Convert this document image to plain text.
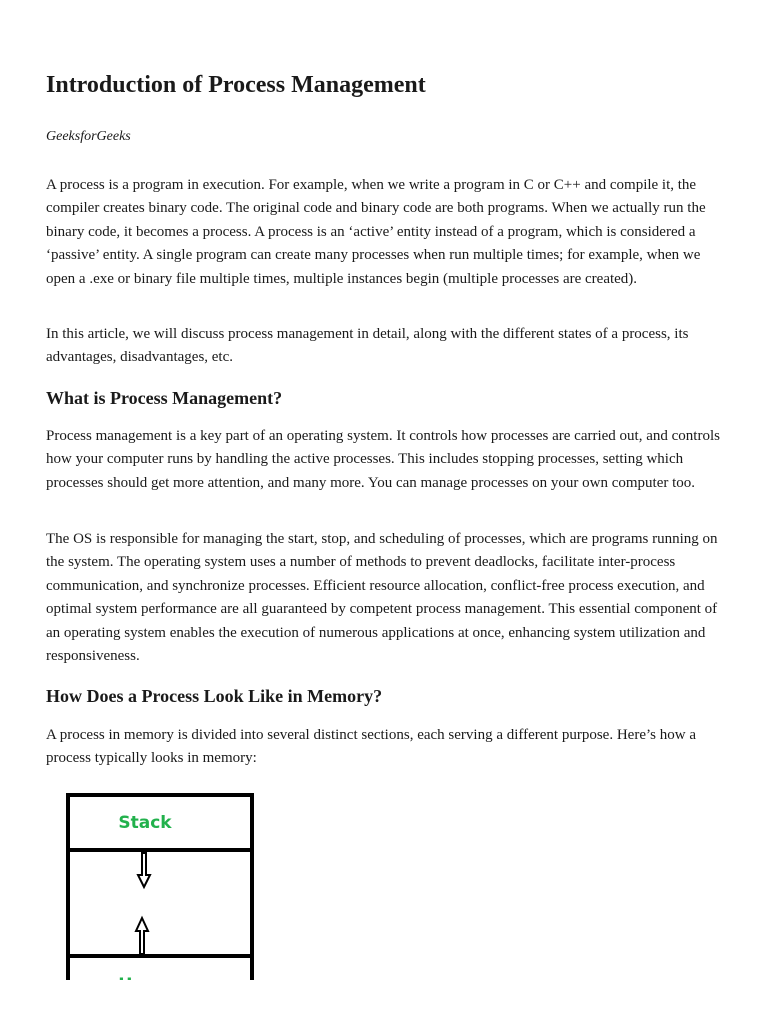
Introduction of Process Management

GeeksforGeeks

A process is a program in execution. For example, when we write a program in C or C++ and compile it, the compiler creates binary code. The original code and binary code are both programs. When we actually run the binary code, it becomes a process. A process is an ‘active’ entity instead of a program, which is considered a ‘passive’ entity. A single program can create many processes when run multiple times; for example, when we open a .exe or binary file multiple times, multiple instances begin (multiple processes are created).

In this article, we will discuss process management in detail, along with the different states of a process, its advantages, disadvantages, etc.

What is Process Management?

Process management is a key part of an operating system. It controls how processes are carried out, and controls how your computer runs by handling the active processes. This includes stopping processes, setting which processes should get more attention, and many more. You can manage processes on your own computer too.

The OS is responsible for managing the start, stop, and scheduling of processes, which are programs running on the system. The operating system uses a number of methods to prevent deadlocks, facilitate inter-process communication, and synchronize processes. Efficient resource allocation, conflict-free process execution, and optimal system performance are all guaranteed by competent process management. This essential component of an operating system enables the execution of numerous applications at once, enhancing system utilization and responsiveness.

How Does a Process Look Like in Memory?

A process in memory is divided into several distinct sections, each serving a different purpose. Here’s how a process typically looks in memory:

Stack
